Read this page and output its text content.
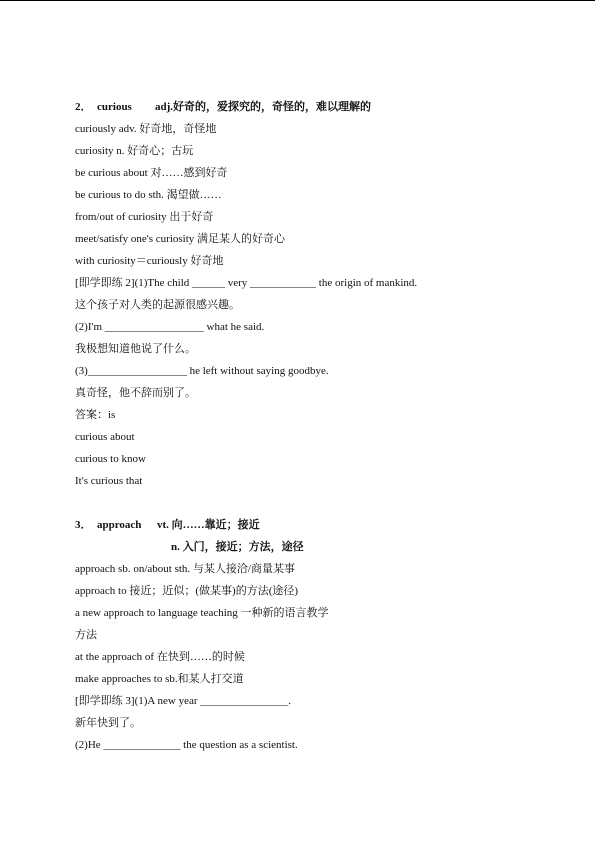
2． curious adj.好奇的，爱探究的，奇怪的，难以理解的
curiously adv. 好奇地，奇怪地
curiosity n. 好奇心；古玩
be curious about 对……感到好奇
be curious to do sth. 渴望做……
from/out of curiosity 出于好奇
meet/satisfy one's curiosity 满足某人的好奇心
with curiosity＝curiously 好奇地
[即学即练 2](1)The child ______ very ____________ the origin of mankind.
这个孩子对人类的起源很感兴趣。
(2)I'm __________________ what he said.
我极想知道他说了什么。
(3)__________________ he left without saying goodbye.
真奇怪，他不辞而别了。
答案：is
curious about
curious to know
It's curious that
3． approach vt. 向……靠近；接近
n. 入门，接近；方法，途径
approach sb. on/about sth. 与某人接洽/商量某事
approach to 接近；近似；(做某事)的方法(途径)
a new approach to language teaching 一种新的语言教学
方法
at the approach of 在快到……的时候
make approaches to sb.和某人打交道
[即学即练 3](1)A new year ________________.
新年快到了。
(2)He ______________ the question as a scientist.
